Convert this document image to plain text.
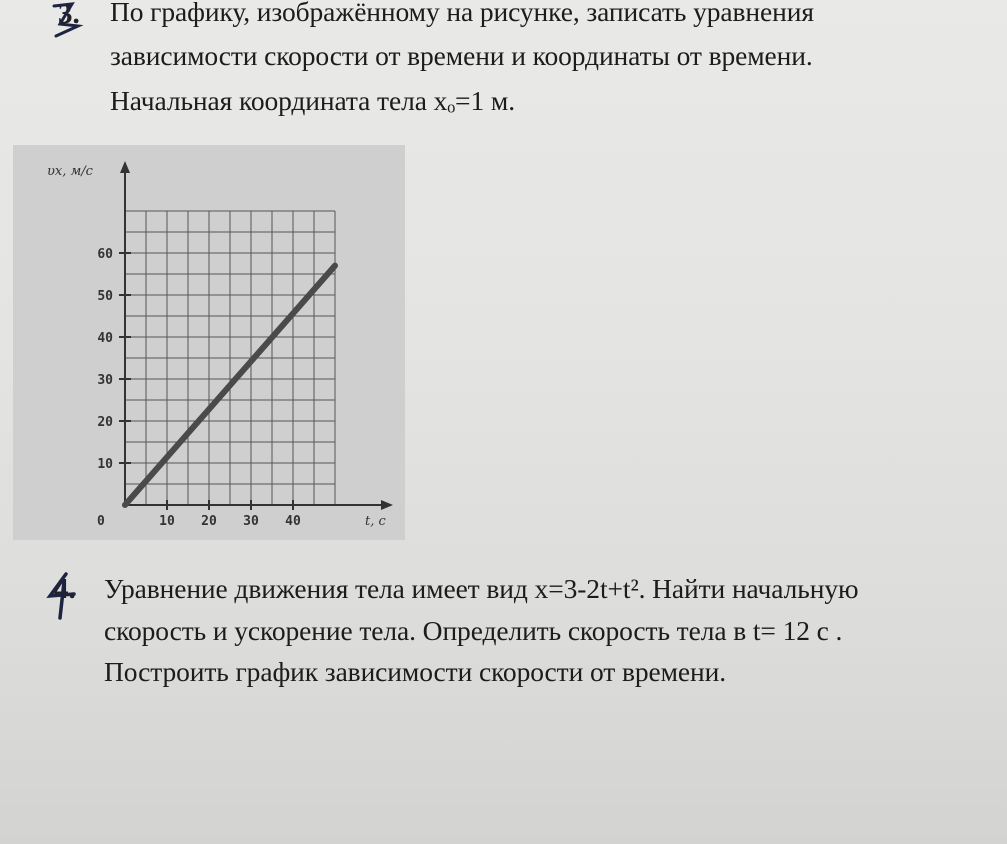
3. По графику, изображённому на рисунке, записать уравнения
зависимости скорости от времени и координаты от времени.
Начальная координата тела xₒ=1 м.
10
20
30
40
50
60
10 20 30 40
υx, м/с
t, с
0
4. Уравнение движения тела имеет вид x=3-2t+t². Найти начальную
скорость и ускорение тела. Определить скорость тела в t= 12 с .
Построить график зависимости скорости от времени.
